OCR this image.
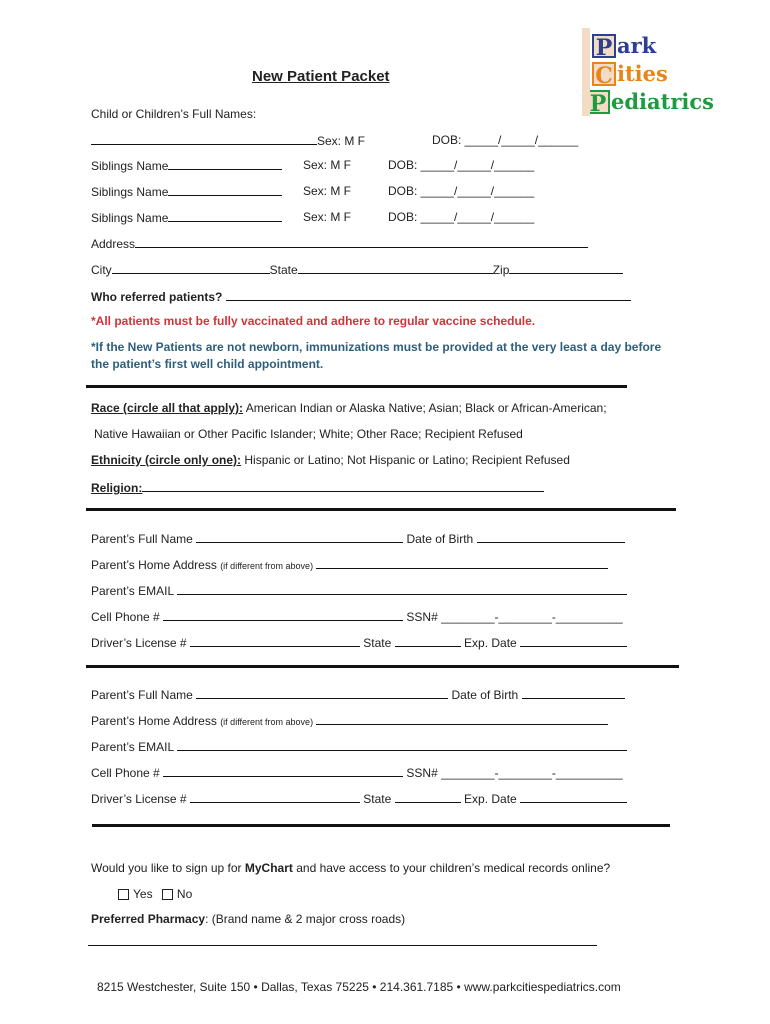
P ark
C ities
P ediatrics
New Patient Packet
Child or Children’s Full Names:
Sex: M F	DOB: _____/_____/______
Siblings Name	Sex: M F	DOB: _____/_____/______
Siblings Name	Sex: M F	DOB: _____/_____/______
Siblings Name	Sex: M F	DOB: _____/_____/______
Address
City	State	Zip
Who referred patients?
*All patients must be fully vaccinated and adhere to regular vaccine schedule.
*If the New Patients are not newborn, immunizations must be provided at the very least a day before
the patient’s first well child appointment.
Race (circle all that apply): American Indian or Alaska Native; Asian; Black or African-American;
Native Hawaiian or Other Pacific Islander; White; Other Race; Recipient Refused
Ethnicity (circle only one): Hispanic or Latino; Not Hispanic or Latino; Recipient Refused
Religion:
Parent’s Full Name	Date of Birth
Parent’s Home Address (if different from above)
Parent’s EMAIL
Cell Phone #	SSN# ________-________-__________
Driver’s License #	State	Exp. Date
Parent’s Full Name	Date of Birth
Parent’s Home Address (if different from above)
Parent’s EMAIL
Cell Phone #	SSN# ________-________-__________
Driver’s License #	State	Exp. Date
Would you like to sign up for MyChart and have access to your children’s medical records online?
Yes No
Preferred Pharmacy: (Brand name & 2 major cross roads)
8215 Westchester, Suite 150 • Dallas, Texas 75225 • 214.361.7185 • www.parkcitiespediatrics.com
